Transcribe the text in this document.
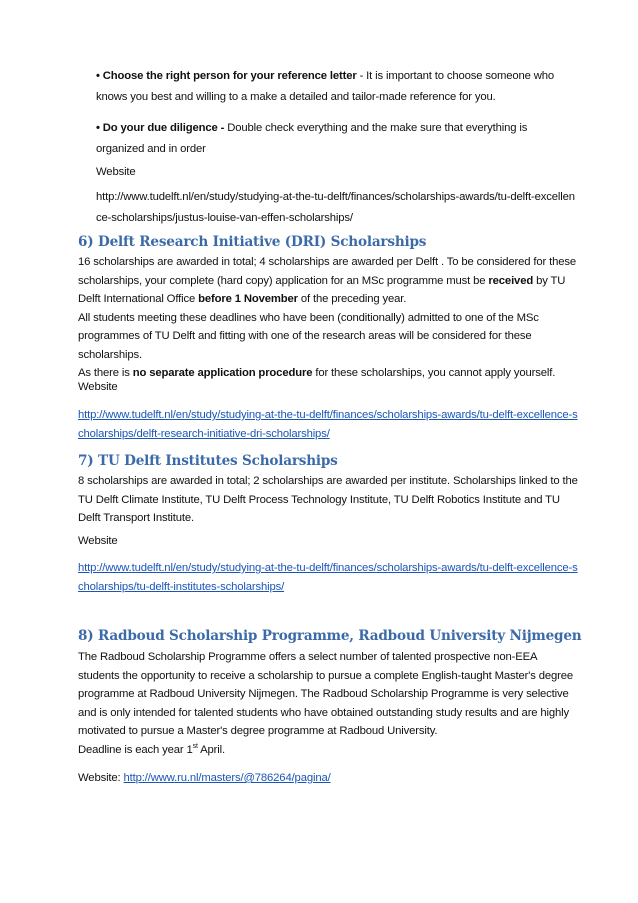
• Choose the right person for your reference letter - It is important to choose someone who knows you best and willing to a make a detailed and tailor-made reference for you.

• Do your due diligence - Double check everything and the make sure that everything is organized and in order

Website
http://www.tudelft.nl/en/study/studying-at-the-tu-delft/finances/scholarships-awards/tu-delft-excellence-scholarships/justus-louise-van-effen-scholarships/
6) Delft Research Initiative (DRI) Scholarships

16 scholarships are awarded in total; 4 scholarships are awarded per Delft . To be considered for these scholarships, your complete (hard copy) application for an MSc programme must be received by TU Delft International Office before 1 November of the preceding year.

All students meeting these deadlines who have been (conditionally) admitted to one of the MSc programmes of TU Delft and fitting with one of the research areas will be considered for these scholarships.

As there is no separate application procedure for these scholarships, you cannot apply yourself.

Website
http://www.tudelft.nl/en/study/studying-at-the-tu-delft/finances/scholarships-awards/tu-delft-excellence-scholarships/delft-research-initiative-dri-scholarships/
7) TU Delft Institutes Scholarships
8 scholarships are awarded in total; 2 scholarships are awarded per institute. Scholarships linked to the TU Delft Climate Institute, TU Delft Process Technology Institute, TU Delft Robotics Institute and TU Delft Transport Institute.
Website
http://www.tudelft.nl/en/study/studying-at-the-tu-delft/finances/scholarships-awards/tu-delft-excellence-scholarships/tu-delft-institutes-scholarships/
8) Radboud Scholarship Programme, Radboud University Nijmegen
The Radboud Scholarship Programme offers a select number of talented prospective non-EEA students the opportunity to receive a scholarship to pursue a complete English-taught Master's degree programme at Radboud University Nijmegen. The Radboud Scholarship Programme is very selective and is only intended for talented students who have obtained outstanding study results and are highly motivated to pursue a Master's degree programme at Radboud University.
Deadline is each year 1st April.
Website: http://www.ru.nl/masters/@786264/pagina/
